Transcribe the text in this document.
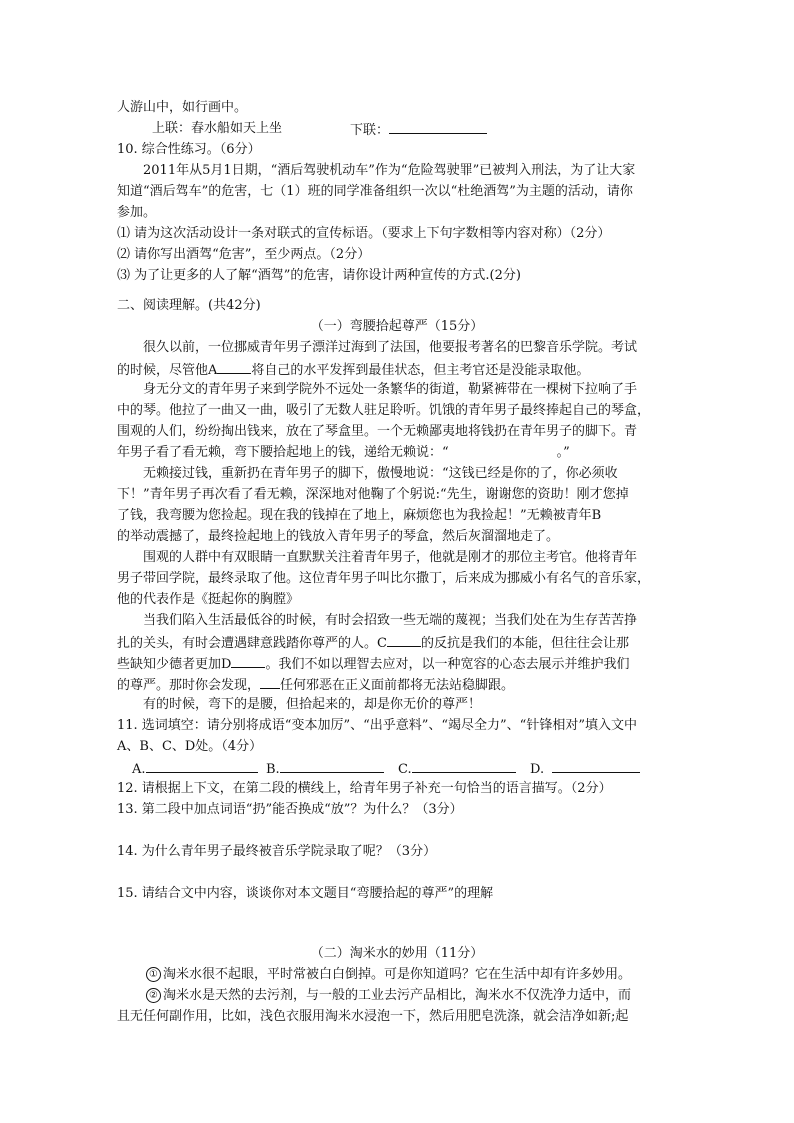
人游山中，如行画中。
上联：春水船如天上坐	下联：
10. 综合性练习。（6分）
2011年从5月1日期，“酒后驾驶机动车”作为“危险驾驶罪”已被判入刑法，为了让大家
知道“酒后驾车”的危害，七（1）班的同学准备组织一次以“杜绝酒驾”为主题的活动，请你
参加。
⑴ 请为这次活动设计一条对联式的宣传标语。（要求上下句字数相等内容对称）（2分）
⑵ 请你写出酒驾“危害”，至少两点。（2分）
⑶ 为了让更多的人了解“酒驾”的危害，请你设计两种宣传的方式.(2分)
二、阅读理解。(共42分)
（一）弯腰拾起尊严（15分）
很久以前，一位挪威青年男子漂洋过海到了法国，他要报考著名的巴黎音乐学院。考试
的时候，尽管他A	将自己的水平发挥到最佳状态，但主考官还是没能录取他。
身无分文的青年男子来到学院外不远处一条繁华的街道，勒紧裤带在一棵树下拉响了手
中的琴。他拉了一曲又一曲，吸引了无数人驻足聆听。饥饿的青年男子最终捧起自己的琴盒，
围观的人们，纷纷掏出钱来，放在了琴盒里。一个无赖鄙夷地将钱扔在青年男子的脚下。青
年男子看了看无赖，弯下腰拾起地上的钱，递给无赖说：“	。”
无赖接过钱，重新扔在青年男子的脚下，傲慢地说：“这钱已经是你的了，你必须收
下！”青年男子再次看了看无赖，深深地对他鞠了个躬说:“先生，谢谢您的资助！刚才您掉
了钱，我弯腰为您捡起。现在我的钱掉在了地上，麻烦您也为我捡起！”无赖被青年B
的举动震撼了，最终捡起地上的钱放入青年男子的琴盒，然后灰溜溜地走了。
围观的人群中有双眼睛一直默默关注着青年男子，他就是刚才的那位主考官。他将青年
男子带回学院，最终录取了他。这位青年男子叫比尔撒丁，后来成为挪威小有名气的音乐家，
他的代表作是《挺起你的胸膛》
当我们陷入生活最低谷的时候，有时会招致一些无端的蔑视；当我们处在为生存苦苦挣
扎的关头，有时会遭遇肆意践踏你尊严的人。C	的反抗是我们的本能，但往往会让那
些缺知少德者更加D	。我们不如以理智去应对，以一种宽容的心态去展示并维护我们
的尊严。那时你会发现， 任何邪恶在正义面前都将无法站稳脚跟。
有的时候，弯下的是腰，但拾起来的，却是你无价的尊严！
11. 选词填空：请分别将成语“变本加厉”、“出乎意料”、“竭尽全力”、“针锋相对”填入文中
A、B、C、D处。（4分）
A.	B.	C.	D.
12. 请根据上下文，在第二段的横线上，给青年男子补充一句恰当的语言描写。（2分）
13. 第二段中加点词语“扔”能否换成“放”？为什么？（3分）
14. 为什么青年男子最终被音乐学院录取了呢？（3分）
15. 请结合文中内容，谈谈你对本文题目“弯腰拾起的尊严”的理解
（二）淘米水的妙用（11分）
① 淘米水很不起眼，平时常被白白倒掉。可是你知道吗？它在生活中却有许多妙用。
② 淘米水是天然的去污剂，与一般的工业去污产品相比，淘米水不仅洗净力适中，而
且无任何副作用，比如，浅色衣服用淘米水浸泡一下，然后用肥皂洗涤，就会洁净如新;起
